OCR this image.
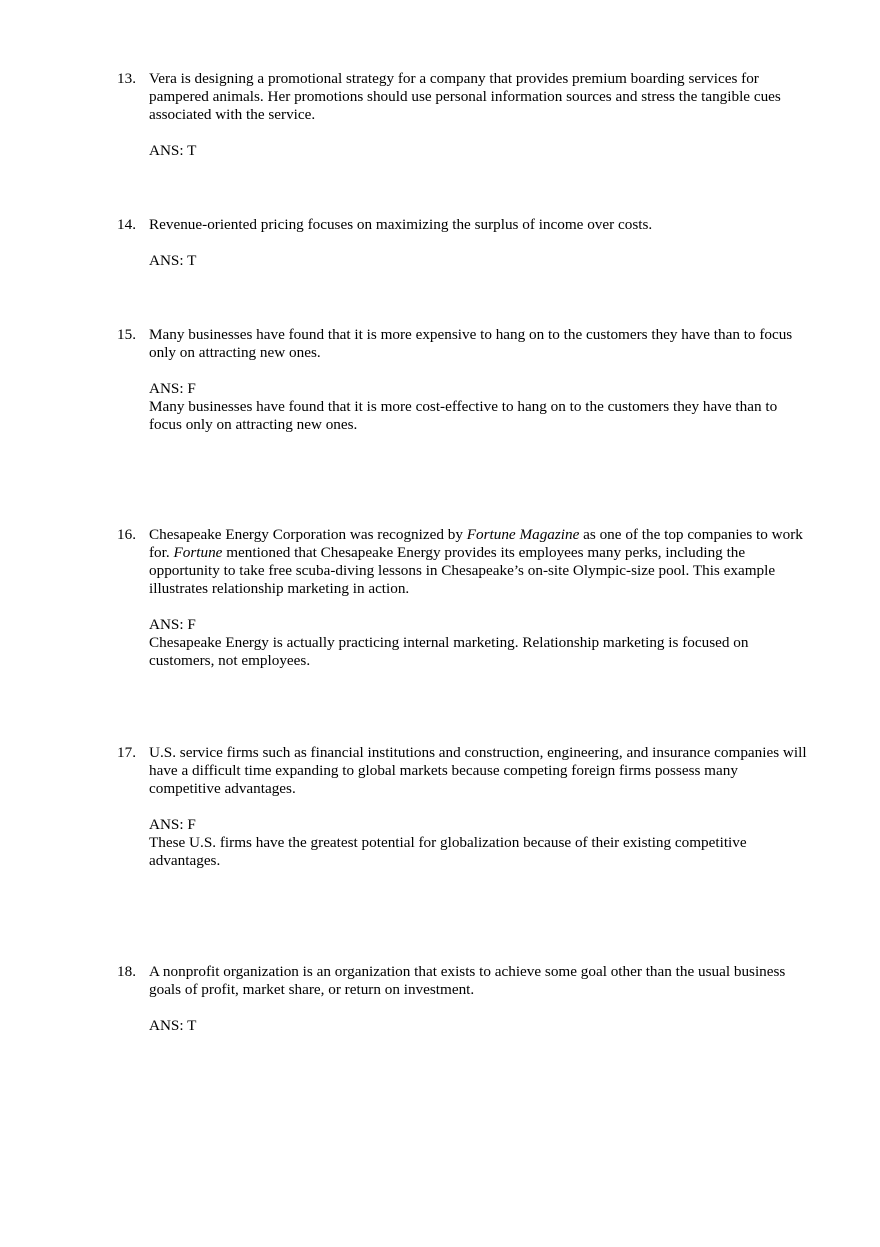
13. Vera is designing a promotional strategy for a company that provides premium boarding services for pampered animals. Her promotions should use personal information sources and stress the tangible cues associated with the service.

ANS: T

14. Revenue-oriented pricing focuses on maximizing the surplus of income over costs.

ANS: T

15. Many businesses have found that it is more expensive to hang on to the customers they have than to focus only on attracting new ones.

ANS: F

Many businesses have found that it is more cost-effective to hang on to the customers they have than to focus only on attracting new ones.

16. Chesapeake Energy Corporation was recognized by Fortune Magazine as one of the top companies to work for. Fortune mentioned that Chesapeake Energy provides its employees many perks, including the opportunity to take free scuba-diving lessons in Chesapeake’s on-site Olympic-size pool. This example illustrates relationship marketing in action.

ANS: F

Chesapeake Energy is actually practicing internal marketing. Relationship marketing is focused on customers, not employees.

17. U.S. service firms such as financial institutions and construction, engineering, and insurance companies will have a difficult time expanding to global markets because competing foreign firms possess many competitive advantages.

ANS: F

These U.S. firms have the greatest potential for globalization because of their existing competitive advantages.

18. A nonprofit organization is an organization that exists to achieve some goal other than the usual business goals of profit, market share, or return on investment.

ANS: T
